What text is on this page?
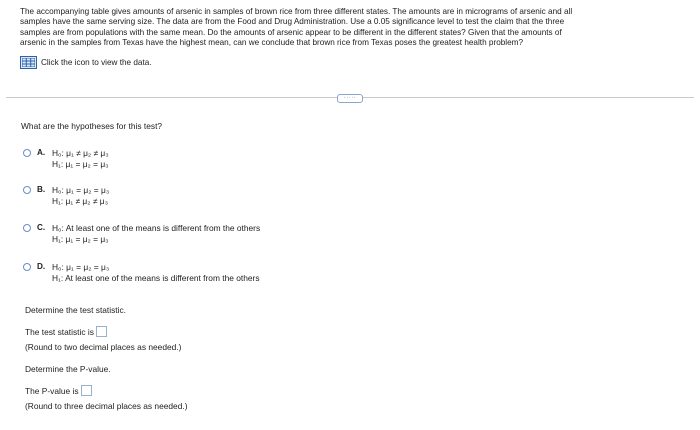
The accompanying table gives amounts of arsenic in samples of brown rice from three different states. The amounts are in micrograms of arsenic and all

samples have the same serving size. The data are from the Food and Drug Administration. Use a 0.05 significance level to test the claim that the three

samples are from populations with the same mean. Do the amounts of arsenic appear to be different in the different states? Given that the amounts of

arsenic in the samples from Texas have the highest mean, can we conclude that brown rice from Texas poses the greatest health problem?

Click the icon to view the data.
·····
What are the hypotheses for this test?
A. H₀: μ₁ ≠ μ₂ ≠ μ₃
H₁: μ₁ = μ₂ = μ₃
B. H₀: μ₁ = μ₂ = μ₃
H₁: μ₁ ≠ μ₂ ≠ μ₃
C. H₀: At least one of the means is different from the others
H₁: μ₁ = μ₂ = μ₃
D. H₀: μ₁ = μ₂ = μ₃
H₁: At least one of the means is different from the others
Determine the test statistic.
The test statistic is
(Round to two decimal places as needed.)
Determine the P-value.
The P-value is
(Round to three decimal places as needed.)
